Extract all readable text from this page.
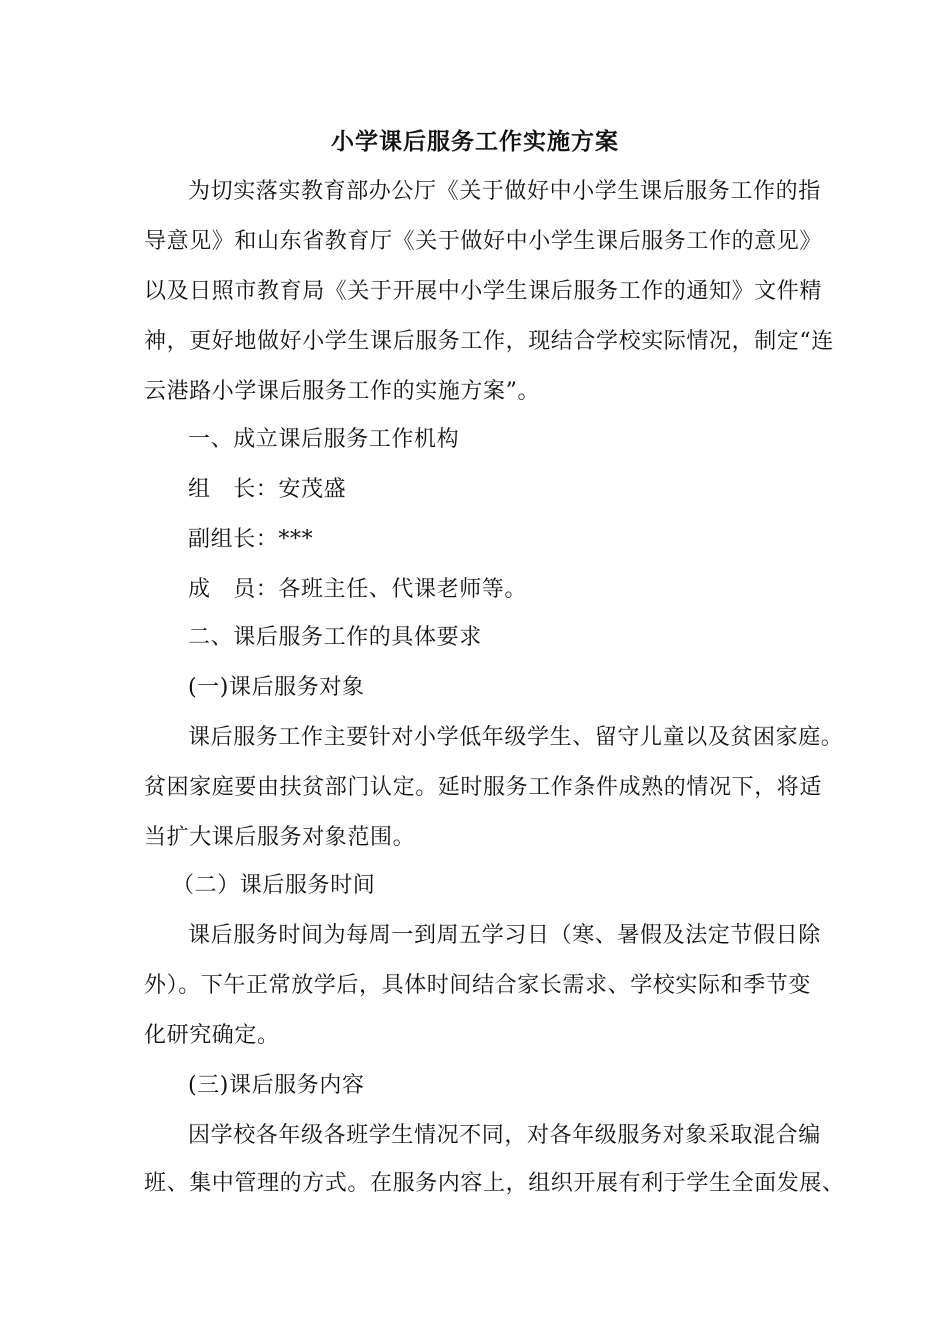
小学课后服务工作实施方案
为切实落实教育部办公厅《关于做好中小学生课后服务工作的指
导意见》和山东省教育厅《关于做好中小学生课后服务工作的意见》
以及日照市教育局《关于开展中小学生课后服务工作的通知》文件精
神，更好地做好小学生课后服务工作，现结合学校实际情况，制定“连
云港路小学课后服务工作的实施方案”。
一、成立课后服务工作机构
组　长：安茂盛
副组长：***
成　员：各班主任、代课老师等。
二、课后服务工作的具体要求
(一)课后服务对象
课后服务工作主要针对小学低年级学生、留守儿童以及贫困家庭。
贫困家庭要由扶贫部门认定。延时服务工作条件成熟的情况下，将适
当扩大课后服务对象范围。
（二）课后服务时间
课后服务时间为每周一到周五学习日（寒、暑假及法定节假日除
外）。下午正常放学后，具体时间结合家长需求、学校实际和季节变
化研究确定。
(三)课后服务内容
因学校各年级各班学生情况不同，对各年级服务对象采取混合编
班、集中管理的方式。在服务内容上，组织开展有利于学生全面发展、
